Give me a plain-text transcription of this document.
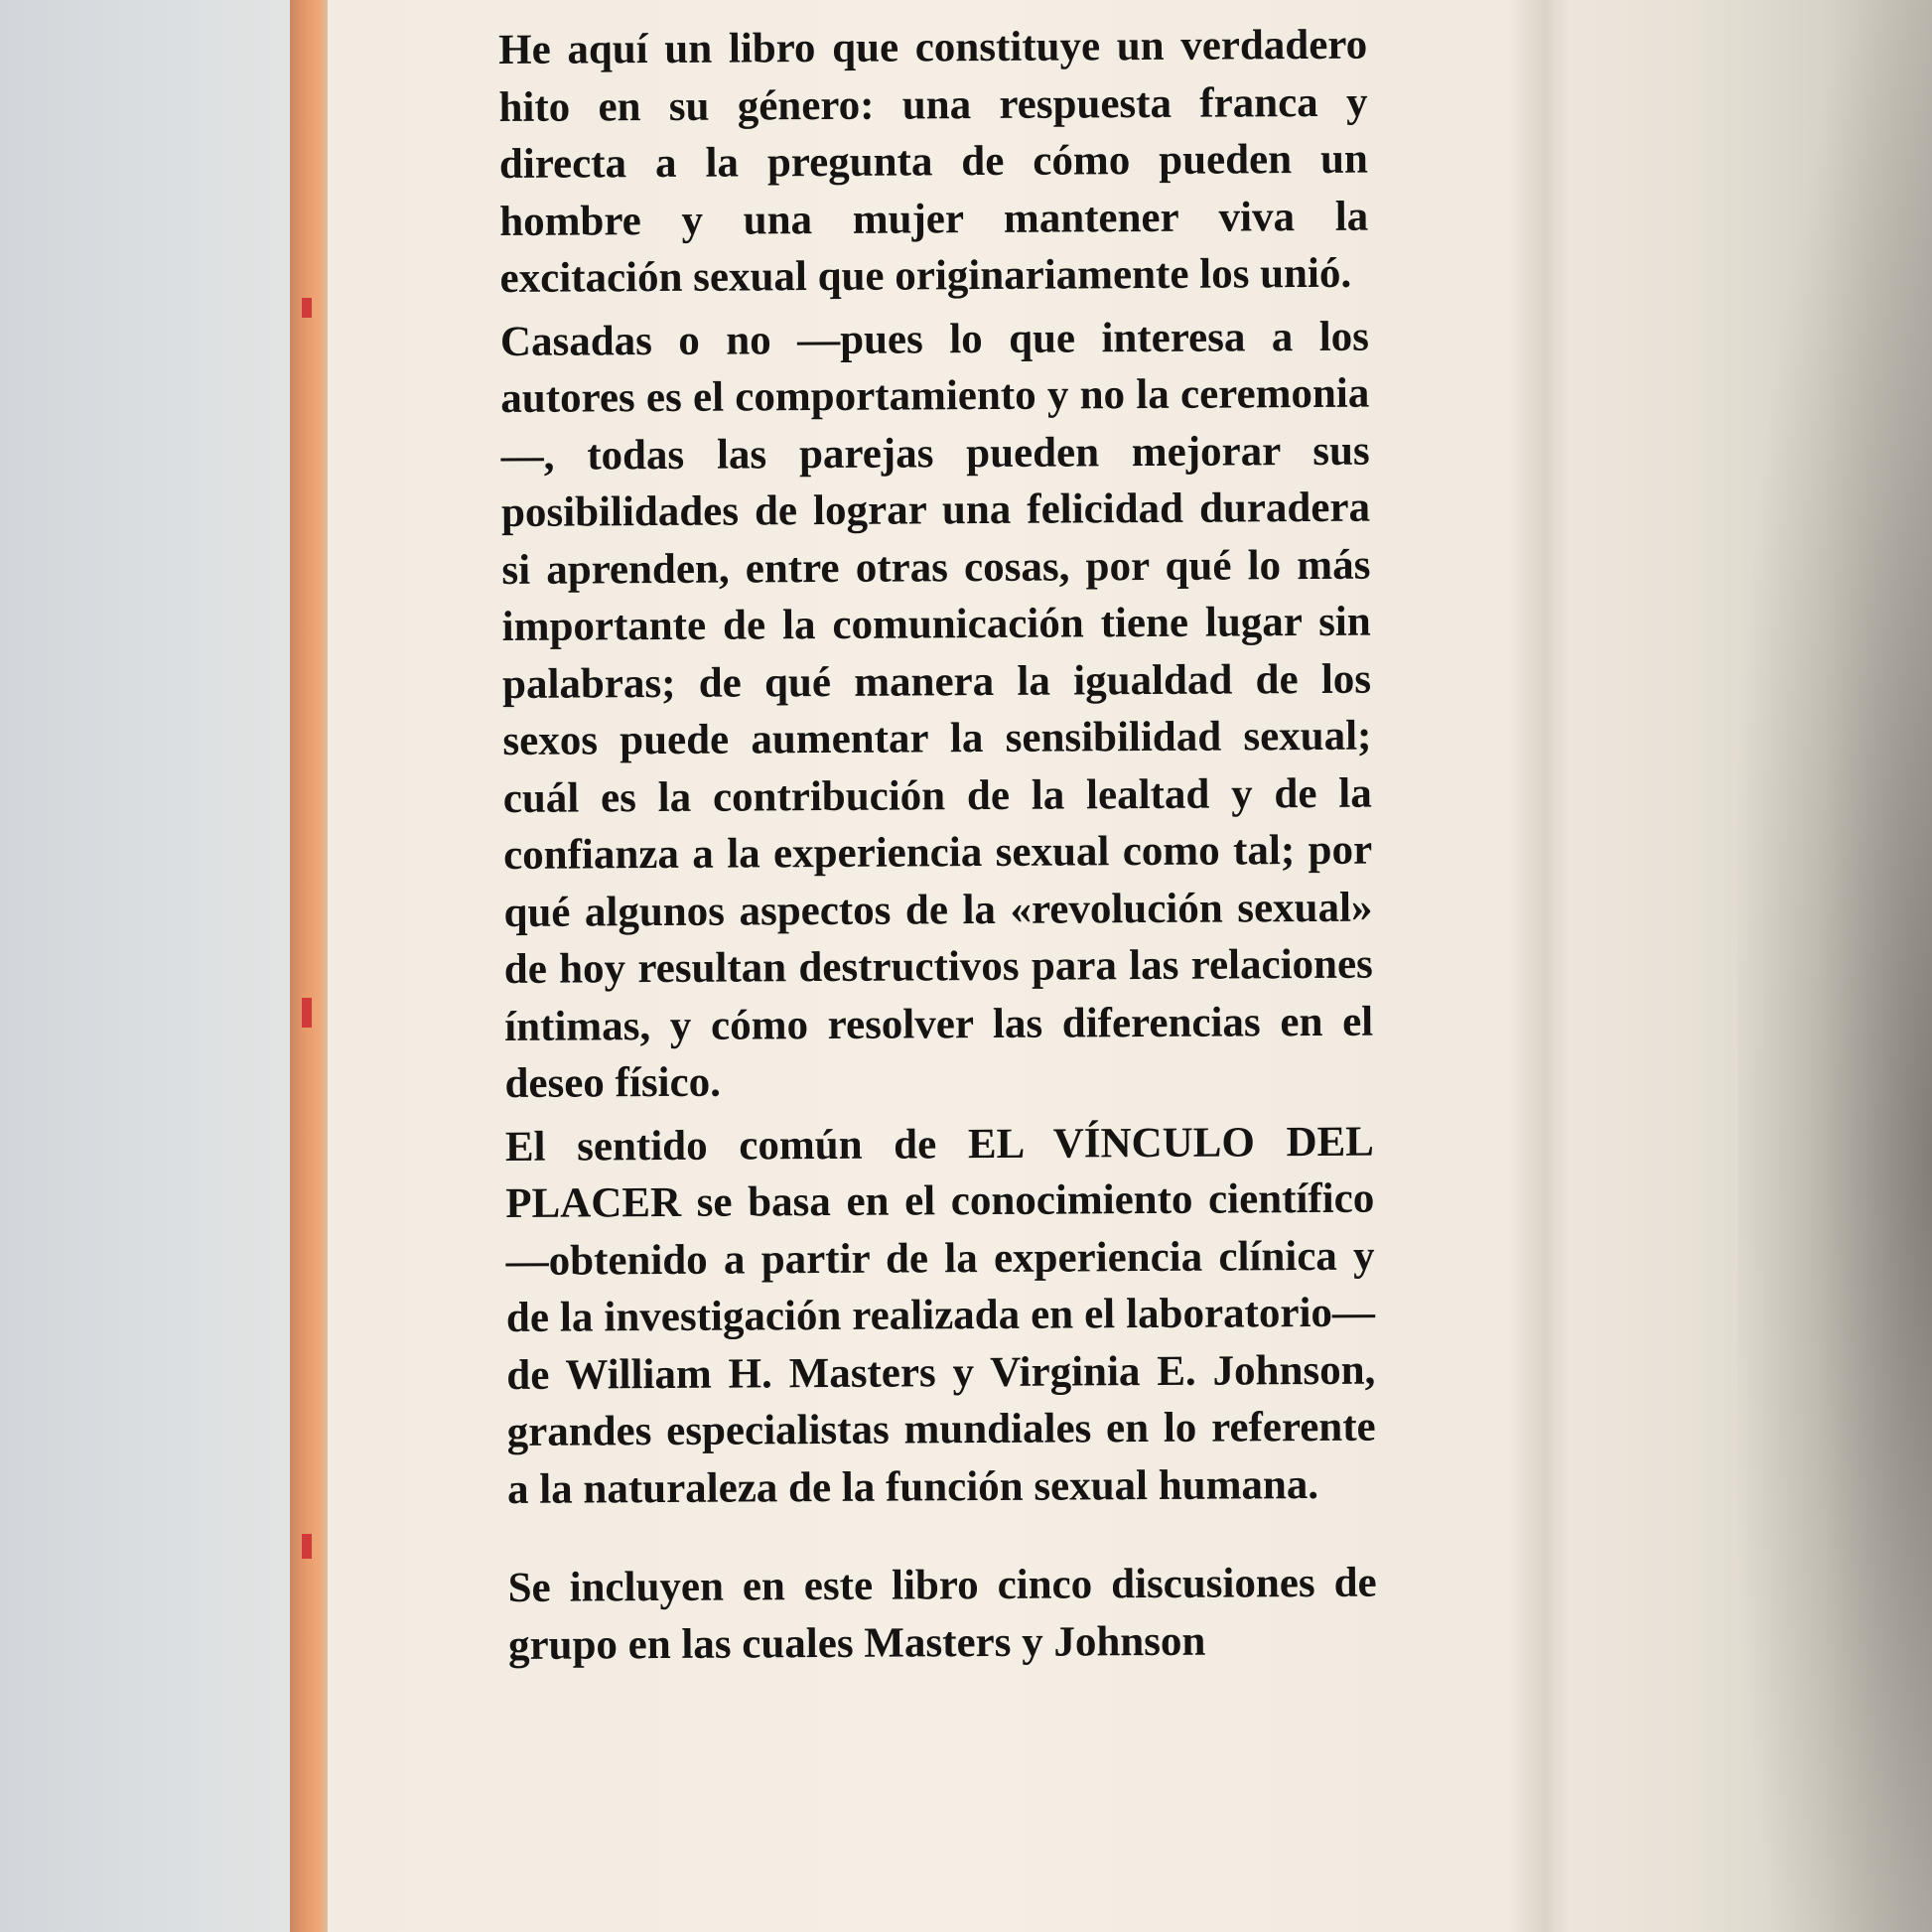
He aquí un libro que constituye un verdadero hito en su género: una respuesta franca y directa a la pregunta de cómo pueden un hombre y una mujer mantener viva la excitación sexual que originariamente los unió.

Casadas o no —pues lo que interesa a los autores es el comportamiento y no la ceremonia—, todas las parejas pueden mejorar sus posibilidades de lograr una felicidad duradera si aprenden, entre otras cosas, por qué lo más importante de la comunicación tiene lugar sin palabras; de qué manera la igualdad de los sexos puede aumentar la sensibilidad sexual; cuál es la contribución de la lealtad y de la confianza a la experiencia sexual como tal; por qué algunos aspectos de la «revolución sexual» de hoy resultan destructivos para las relaciones íntimas, y cómo resolver las diferencias en el deseo físico.

El sentido común de EL VÍNCULO DEL PLACER se basa en el conocimiento científico —obtenido a partir de la experiencia clínica y de la investigación realizada en el laboratorio— de William H. Masters y Virginia E. Johnson, grandes especialistas mundiales en lo referente a la naturaleza de la función sexual humana.

Se incluyen en este libro cinco discusiones de grupo en las cuales Masters y Johnson
